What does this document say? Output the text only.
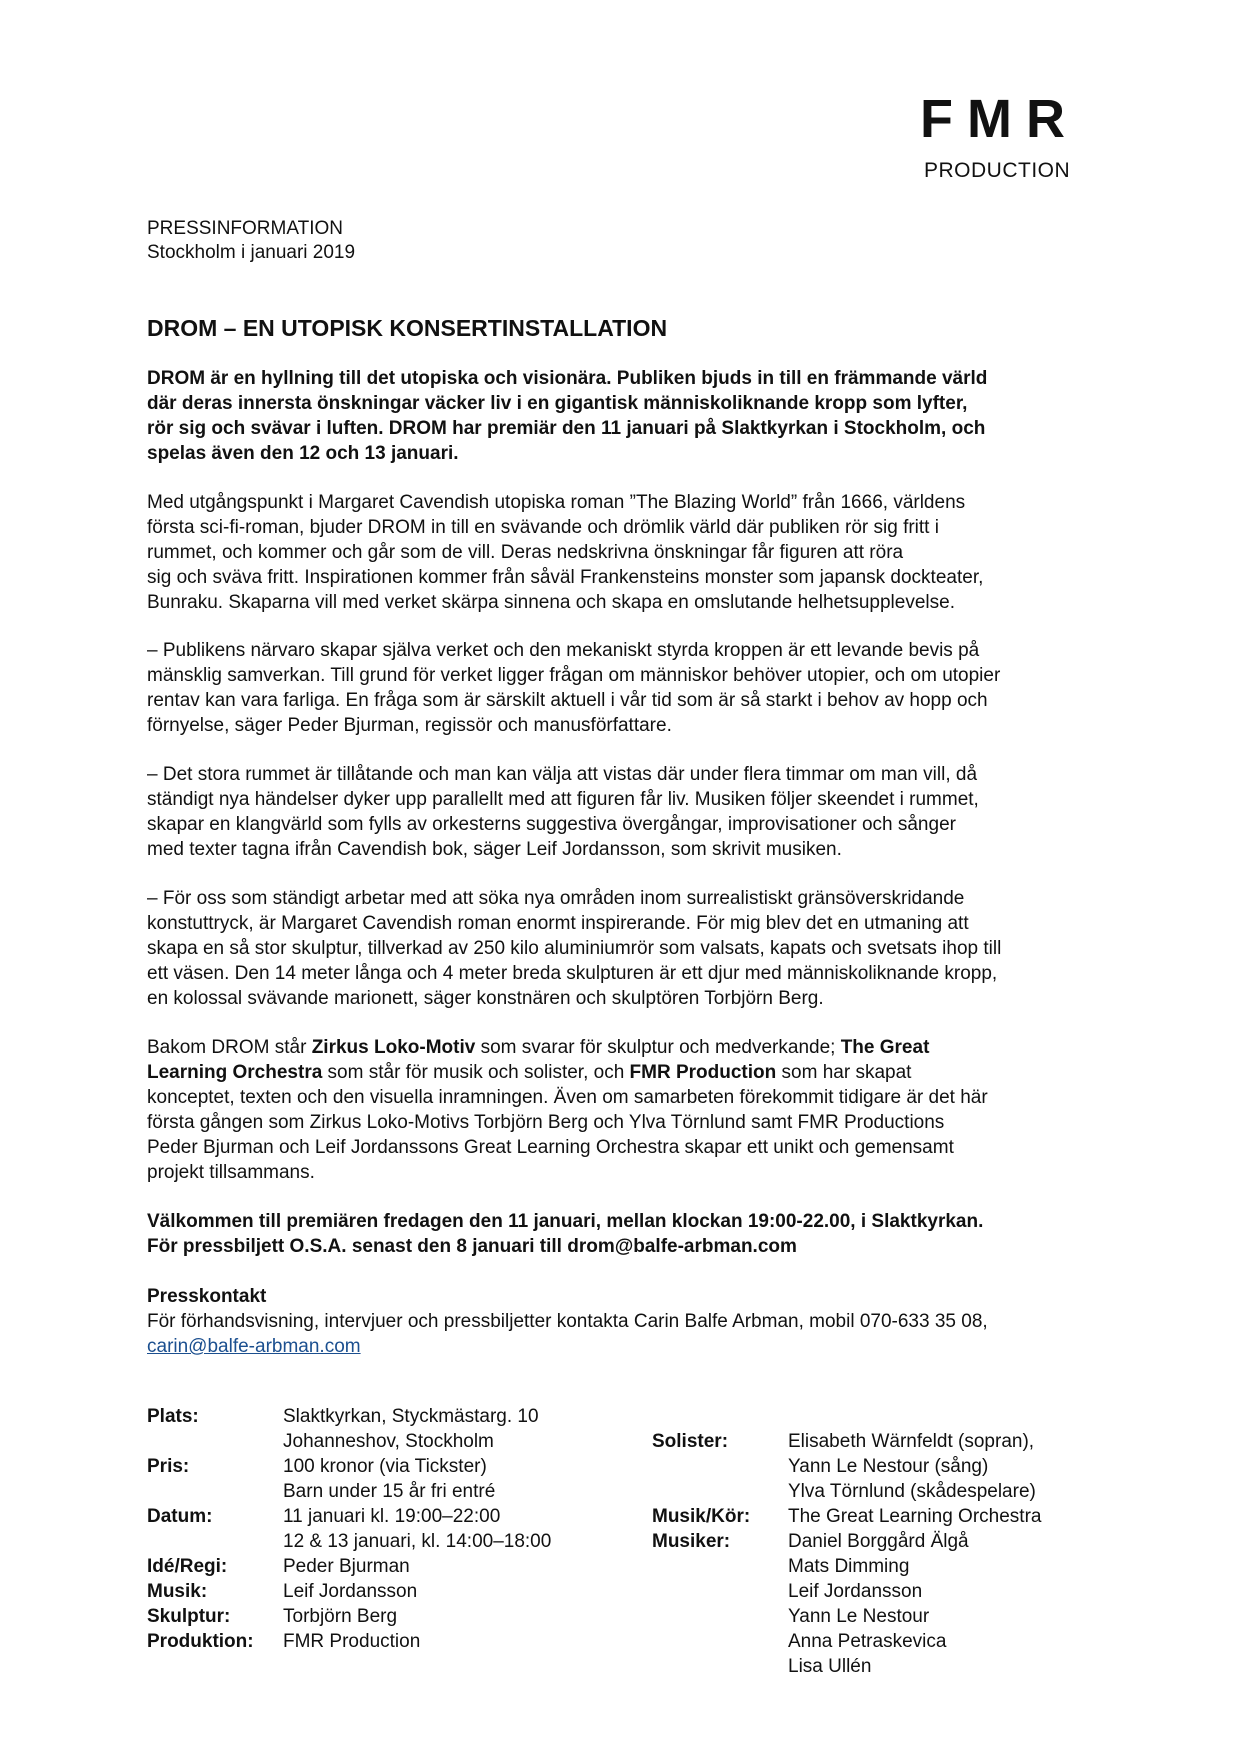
FMR
PRODUCTION
PRESSINFORMATION
Stockholm i januari 2019
DROM – EN UTOPISK KONSERTINSTALLATION
DROM är en hyllning till det utopiska och visionära. Publiken bjuds in till en främmande värld
där deras innersta önskningar väcker liv i en gigantisk människoliknande kropp som lyfter,
rör sig och svävar i luften. DROM har premiär den 11 januari på Slaktkyrkan i Stockholm, och
spelas även den 12 och 13 januari.
Med utgångspunkt i Margaret Cavendish utopiska roman ”The Blazing World” från 1666, världens
första sci-fi-roman, bjuder DROM in till en svävande och drömlik värld där publiken rör sig fritt i
rummet, och kommer och går som de vill. Deras nedskrivna önskningar får figuren att röra
sig och sväva fritt. Inspirationen kommer från såväl Frankensteins monster som japansk dockteater,
Bunraku. Skaparna vill med verket skärpa sinnena och skapa en omslutande helhetsupplevelse.
– Publikens närvaro skapar själva verket och den mekaniskt styrda kroppen är ett levande bevis på
mänsklig samverkan. Till grund för verket ligger frågan om människor behöver utopier, och om utopier
rentav kan vara farliga. En fråga som är särskilt aktuell i vår tid som är så starkt i behov av hopp och
förnyelse, säger Peder Bjurman, regissör och manusförfattare.
– Det stora rummet är tillåtande och man kan välja att vistas där under flera timmar om man vill, då
ständigt nya händelser dyker upp parallellt med att figuren får liv. Musiken följer skeendet i rummet,
skapar en klangvärld som fylls av orkesterns suggestiva övergångar, improvisationer och sånger
med texter tagna ifrån Cavendish bok, säger Leif Jordansson, som skrivit musiken.
– För oss som ständigt arbetar med att söka nya områden inom surrealistiskt gränsöverskridande
konstuttryck, är Margaret Cavendish roman enormt inspirerande. För mig blev det en utmaning att
skapa en så stor skulptur, tillverkad av 250 kilo aluminiumrör som valsats, kapats och svetsats ihop till
ett väsen. Den 14 meter långa och 4 meter breda skulpturen är ett djur med människoliknande kropp,
en kolossal svävande marionett, säger konstnären och skulptören Torbjörn Berg.
Bakom DROM står Zirkus Loko-Motiv som svarar för skulptur och medverkande; The Great
Learning Orchestra som står för musik och solister, och FMR Production som har skapat
konceptet, texten och den visuella inramningen. Även om samarbeten förekommit tidigare är det här
första gången som Zirkus Loko-Motivs Torbjörn Berg och Ylva Törnlund samt FMR Productions
Peder Bjurman och Leif Jordanssons Great Learning Orchestra skapar ett unikt och gemensamt
projekt tillsammans.
Välkommen till premiären fredagen den 11 januari, mellan klockan 19:00-22.00, i Slaktkyrkan.
För pressbiljett O.S.A. senast den 8 januari till drom@balfe-arbman.com
Presskontakt
För förhandsvisning, intervjuer och pressbiljetter kontakta Carin Balfe Arbman, mobil 070-633 35 08,
carin@balfe-arbman.com
Plats:	Slaktkyrkan, Styckmästarg. 10
Johanneshov, Stockholm
Pris:	100 kronor (via Tickster)
Barn under 15 år fri entré
Datum:	11 januari kl. 19:00–22:00
12 & 13 januari, kl. 14:00–18:00
Idé/Regi:	Peder Bjurman
Musik:	Leif Jordansson
Skulptur:	Torbjörn Berg
Produktion: FMR Production
Solister:	Elisabeth Wärnfeldt (sopran),
Yann Le Nestour (sång)
Ylva Törnlund (skådespelare)
Musik/Kör: The Great Learning Orchestra
Musiker:	Daniel Borggård Älgå
Mats Dimming
Leif Jordansson
Yann Le Nestour
Anna Petraskevica
Lisa Ullén
